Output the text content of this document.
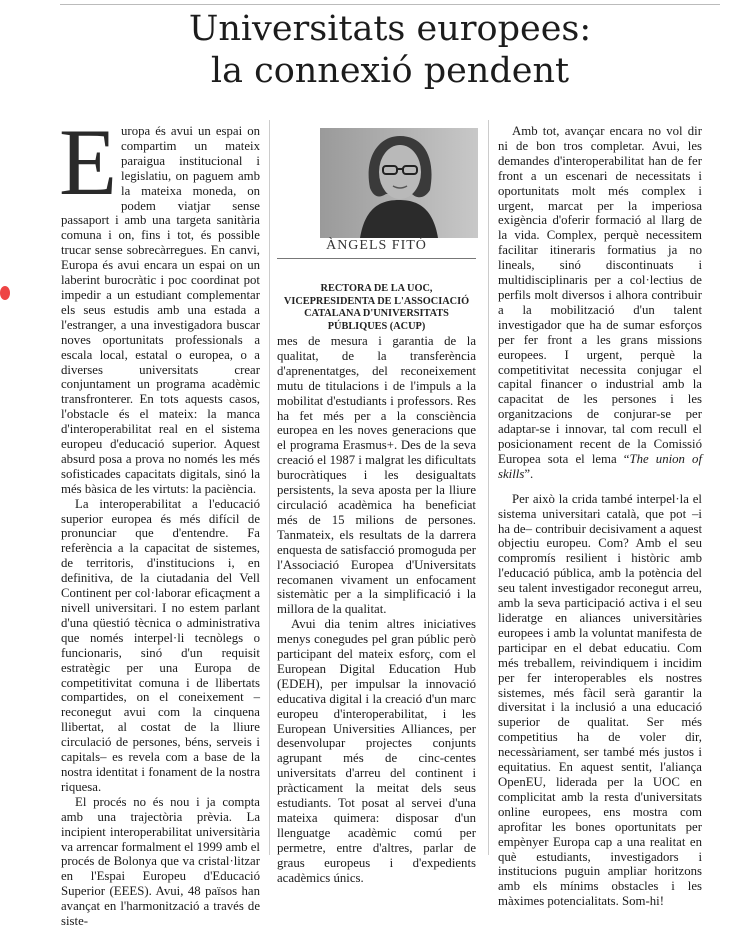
Universitats europees:
la connexió pendent

Europa és avui un espai on compartim un mateix paraigua institucional i legislatiu, on paguem amb la mateixa moneda, on podem viatjar sense passaport i amb una targeta sanitària comuna i on, fins i tot, és possible trucar sense sobrecàrregues. En canvi, Europa és avui encara un espai on un laberint burocràtic i poc coordinat pot impedir a un estudiant complementar els seus estudis amb una estada a l'estranger, a una investigadora buscar noves oportunitats professionals a escala local, estatal o europea, o a diverses universitats crear conjuntament un programa acadèmic transfronterer. En tots aquests casos, l'obstacle és el mateix: la manca d'interoperabilitat real en el sistema europeu d'educació superior. Aquest absurd posa a prova no només les més sofisticades capacitats digitals, sinó la més bàsica de les virtuts: la paciència.

La interoperabilitat a l'educació superior europea és més difícil de pronunciar que d'entendre. Fa referència a la capacitat de sistemes, de territoris, d'institucions i, en definitiva, de la ciutadania del Vell Continent per col·laborar eficaçment a nivell universitari. I no estem parlant d'una qüestió tècnica o administrativa que només interpel·li tecnòlegs o funcionaris, sinó d'un requisit estratègic per una Europa de competitivitat comuna i de llibertats compartides, on el coneixement –reconegut avui com la cinquena llibertat, al costat de la lliure circulació de persones, béns, serveis i capitals– es revela com a base de la nostra identitat i fonament de la nostra riquesa.

El procés no és nou i ja compta amb una trajectòria prèvia. La incipient interoperabilitat universitària va arrencar formalment el 1999 amb el procés de Bolonya que va cristal·litzar en l'Espai Europeu d'Educació Superior (EEES). Avui, 48 països han avançat en l'harmonització a través de siste-

ÀNGELS FITÓ
RECTORA DE LA UOC, VICEPRESIDENTA DE L'ASSOCIACIÓ CATALANA D'UNIVERSITATS PÚBLIQUES (ACUP)

mes de mesura i garantia de la qualitat, de la transferència d'aprenentatges, del reconeixement mutu de titulacions i de l'impuls a la mobilitat d'estudiants i professors. Res ha fet més per a la consciència europea en les noves generacions que el programa Erasmus+. Des de la seva creació el 1987 i malgrat les dificultats burocràtiques i les desigualtats persistents, la seva aposta per la lliure circulació acadèmica ha beneficiat més de 15 milions de persones. Tanmateix, els resultats de la darrera enquesta de satisfacció promoguda per l'Associació Europea d'Universitats recomanen vivament un enfocament sistemàtic per a la simplificació i la millora de la qualitat.

Avui dia tenim altres iniciatives menys conegudes pel gran públic però participant del mateix esforç, com el European Digital Education Hub (EDEH), per impulsar la innovació educativa digital i la creació d'un marc europeu d'interoperabilitat, i les European Universities Alliances, per desenvolupar projectes conjunts agrupant més de cinc-centes universitats d'arreu del continent i pràcticament la meitat dels seus estudiants. Tot posat al servei d'una mateixa quimera: disposar d'un llenguatge acadèmic comú per permetre, entre d'altres, parlar de graus europeus i d'expedients acadèmics únics.

Amb tot, avançar encara no vol dir ni de bon tros completar. Avui, les demandes d'interoperabilitat han de fer front a un escenari de necessitats i oportunitats molt més complex i urgent, marcat per la imperiosa exigència d'oferir formació al llarg de la vida. Complex, perquè necessitem facilitar itineraris formatius ja no lineals, sinó discontinuats i multidisciplinaris per a col·lectius de perfils molt diversos i alhora contribuir a la mobilització d'un talent investigador que ha de sumar esforços per fer front a les grans missions europees. I urgent, perquè la competitivitat necessita conjugar el capital financer o industrial amb la capacitat de les persones i les organitzacions de conjurar-se per adaptar-se i innovar, tal com recull el posicionament recent de la Comissió Europea sota el lema “The union of skills”.

Per això la crida també interpel·la el sistema universitari català, que pot –i ha de– contribuir decisivament a aquest objectiu europeu. Com? Amb el seu compromís resilient i històric amb l'educació pública, amb la potència del seu talent investigador reconegut arreu, amb la seva participació activa i el seu lideratge en aliances universitàries europees i amb la voluntat manifesta de participar en el debat educatiu. Com més treballem, reivindiquem i incidim per fer interoperables els nostres sistemes, més fàcil serà garantir la diversitat i la inclusió a una educació superior de qualitat. Ser més competitius ha de voler dir, necessàriament, ser també més justos i equitatius. En aquest sentit, l'aliança OpenEU, liderada per la UOC en complicitat amb la resta d'universitats online europees, ens mostra com aprofitar les bones oportunitats per empènyer Europa cap a una realitat en què estudiants, investigadors i institucions puguin ampliar horitzons amb els mínims obstacles i les màximes potencialitats. Som-hi!
